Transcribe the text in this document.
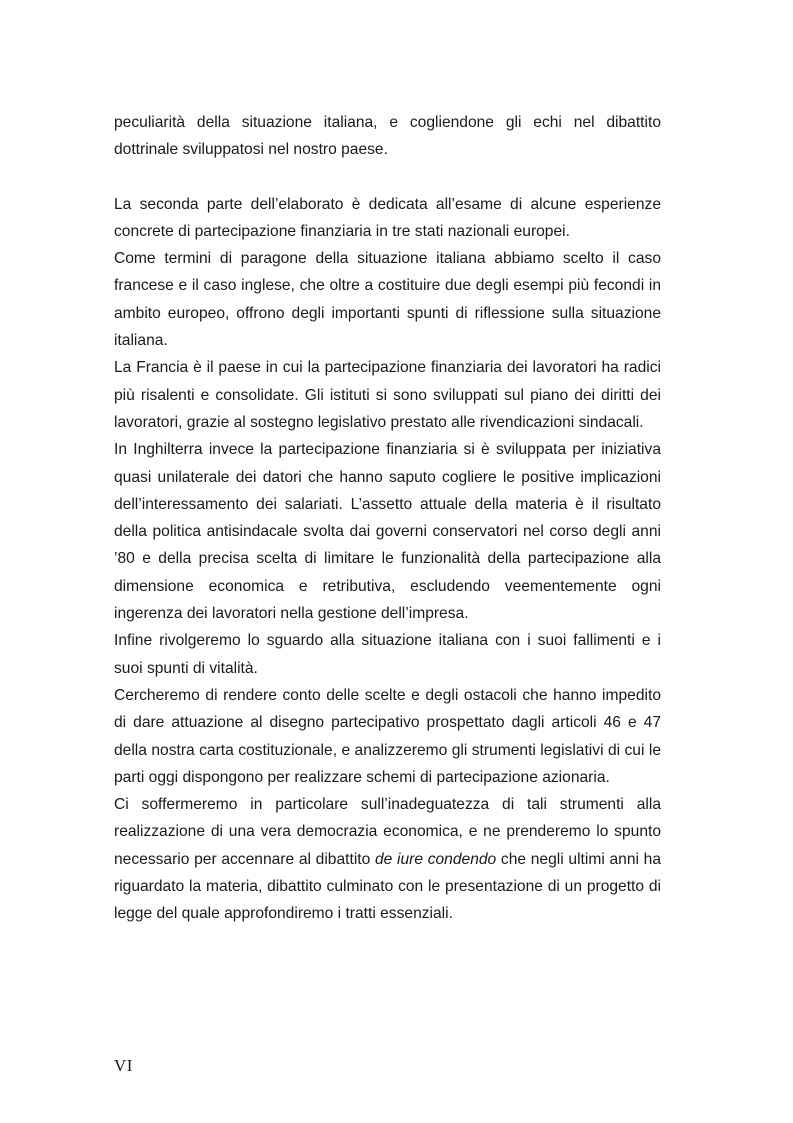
peculiarità della situazione italiana, e cogliendone gli echi nel dibattito dottrinale sviluppatosi nel nostro paese.

La seconda parte dell’elaborato è dedicata all’esame di alcune esperienze concrete di partecipazione finanziaria in tre stati nazionali europei.

Come termini di paragone della situazione italiana abbiamo scelto il caso francese e il caso inglese, che oltre a costituire due degli esempi più fecondi in ambito europeo, offrono degli importanti spunti di riflessione sulla situazione italiana.

La Francia è il paese in cui la partecipazione finanziaria dei lavoratori ha radici più risalenti e consolidate. Gli istituti si sono sviluppati sul piano dei diritti dei lavoratori, grazie al sostegno legislativo prestato alle rivendicazioni sindacali.

In Inghilterra invece la partecipazione finanziaria si è sviluppata per iniziativa quasi unilaterale dei datori che hanno saputo cogliere le positive implicazioni dell’interessamento dei salariati. L’assetto attuale della materia è il risultato della politica antisindacale svolta dai governi conservatori nel corso degli anni ’80 e della precisa scelta di limitare le funzionalità della partecipazione alla dimensione economica e retributiva, escludendo veementemente ogni ingerenza dei lavoratori nella gestione dell’impresa.

Infine rivolgeremo lo sguardo alla situazione italiana con i suoi fallimenti e i suoi spunti di vitalità.

Cercheremo di rendere conto delle scelte e degli ostacoli che hanno impedito di dare attuazione al disegno partecipativo prospettato dagli articoli 46 e 47 della nostra carta costituzionale, e analizzeremo gli strumenti legislativi di cui le parti oggi dispongono per realizzare schemi di partecipazione azionaria.

Ci soffermeremo in particolare sull’inadeguatezza di tali strumenti alla realizzazione di una vera democrazia economica, e ne prenderemo lo spunto necessario per accennare al dibattito de iure condendo che negli ultimi anni ha riguardato la materia, dibattito culminato con le presentazione di un progetto di legge del quale approfondiremo i tratti essenziali.

VI
